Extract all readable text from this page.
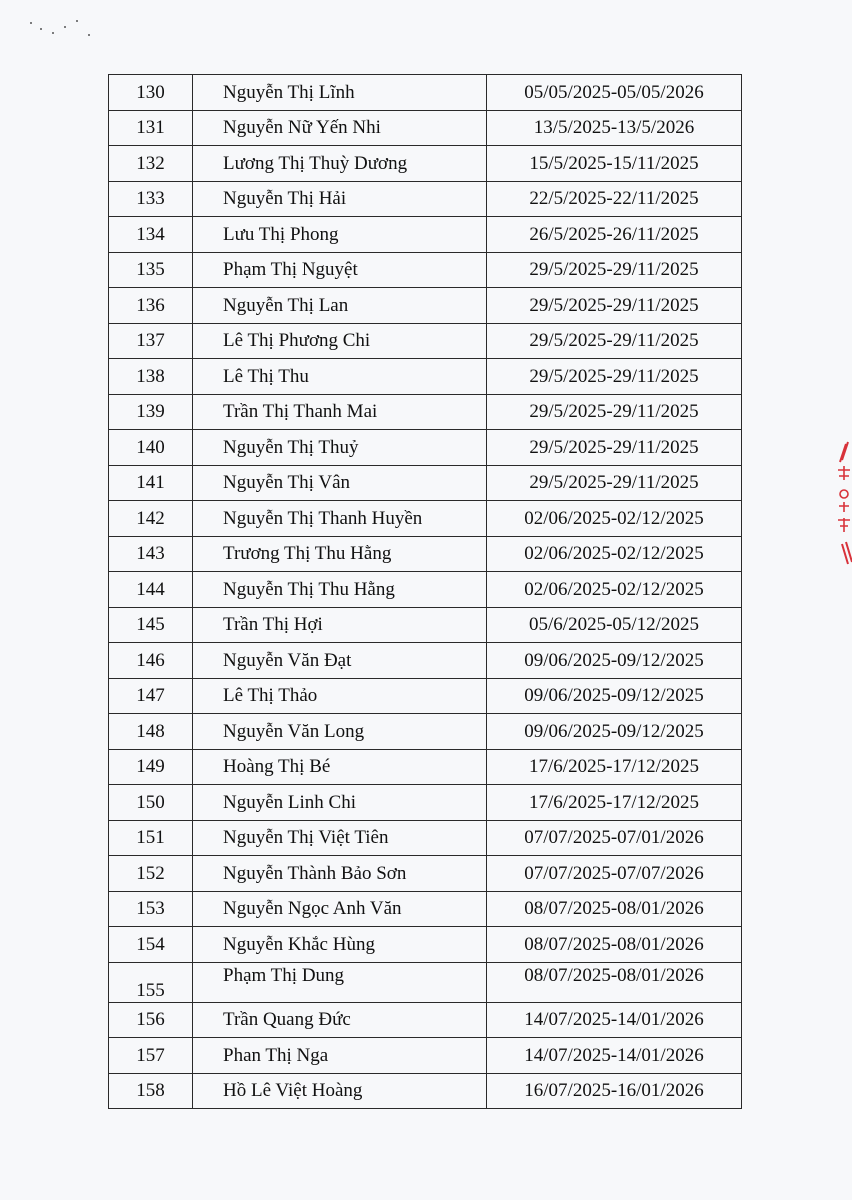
130	Nguyễn Thị Lĩnh	05/05/2025-05/05/2026
131	Nguyễn Nữ Yến Nhi	13/5/2025-13/5/2026
132	Lương Thị Thuỳ Dương	15/5/2025-15/11/2025
133	Nguyễn Thị Hải	22/5/2025-22/11/2025
134	Lưu Thị Phong	26/5/2025-26/11/2025
135	Phạm Thị Nguyệt	29/5/2025-29/11/2025
136	Nguyễn Thị Lan	29/5/2025-29/11/2025
137	Lê Thị Phương Chi	29/5/2025-29/11/2025
138	Lê Thị Thu	29/5/2025-29/11/2025
139	Trần Thị Thanh Mai	29/5/2025-29/11/2025
140	Nguyễn Thị Thuỷ	29/5/2025-29/11/2025
141	Nguyễn Thị Vân	29/5/2025-29/11/2025
142	Nguyễn Thị Thanh Huyền	02/06/2025-02/12/2025
143	Trương Thị Thu Hằng	02/06/2025-02/12/2025
144	Nguyễn Thị Thu Hằng	02/06/2025-02/12/2025
145	Trần Thị Hợi	05/6/2025-05/12/2025
146	Nguyễn Văn Đạt	09/06/2025-09/12/2025
147	Lê Thị Thảo	09/06/2025-09/12/2025
148	Nguyễn Văn Long	09/06/2025-09/12/2025
149	Hoàng Thị Bé	17/6/2025-17/12/2025
150	Nguyễn Linh Chi	17/6/2025-17/12/2025
151	Nguyễn Thị Việt Tiên	07/07/2025-07/01/2026
152	Nguyễn Thành Bảo Sơn	07/07/2025-07/07/2026
153	Nguyễn Ngọc Anh Văn	08/07/2025-08/01/2026
154	Nguyễn Khắc Hùng	08/07/2025-08/01/2026
155	Phạm Thị Dung	08/07/2025-08/01/2026
156	Trần Quang Đức	14/07/2025-14/01/2026
157	Phan Thị Nga	14/07/2025-14/01/2026
158	Hồ Lê Việt Hoàng	16/07/2025-16/01/2026
